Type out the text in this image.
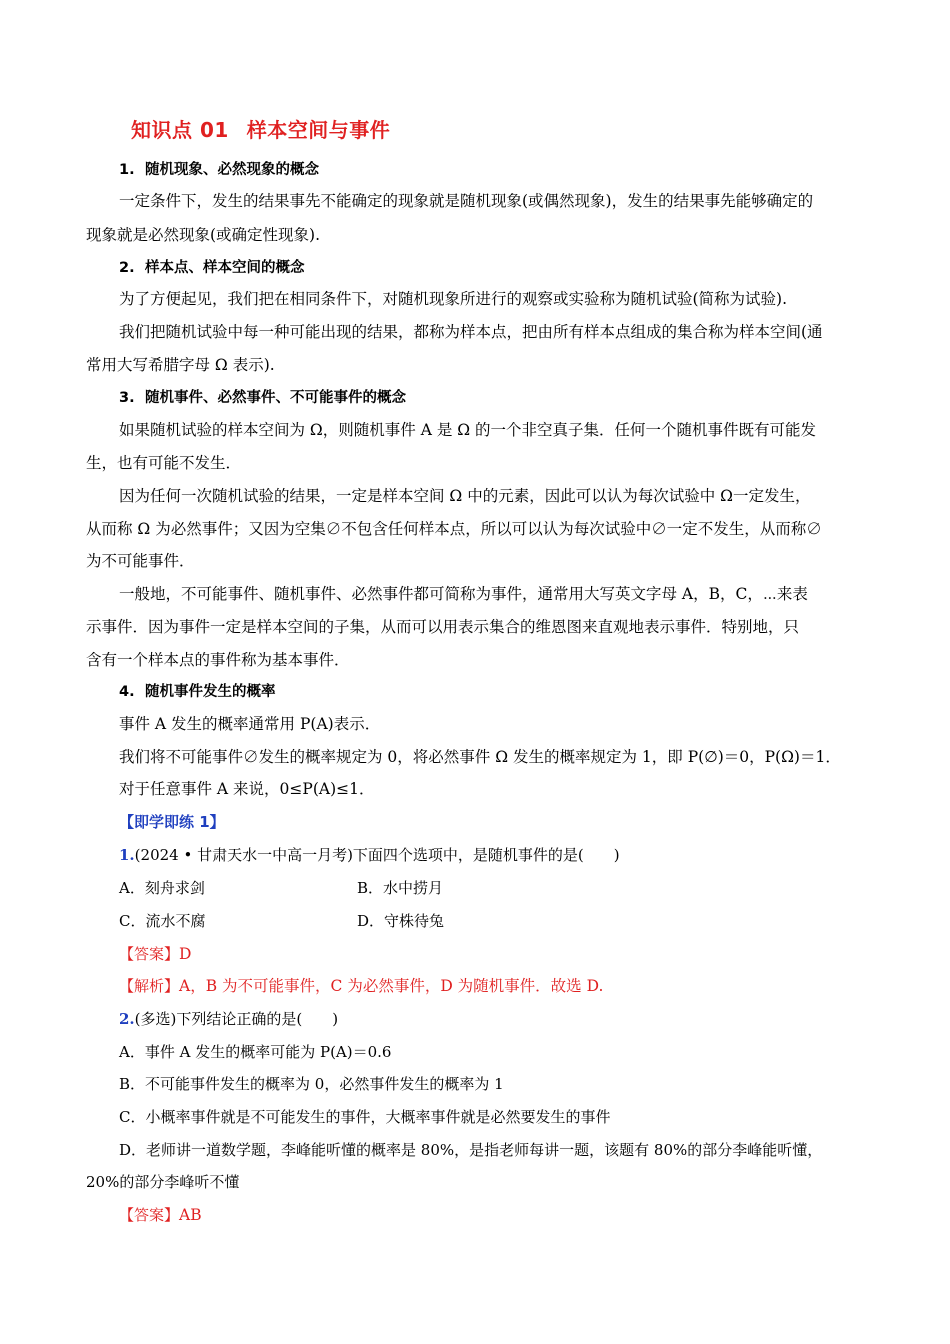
知识点 01 样本空间与事件
1. 随机现象、必然现象的概念
一定条件下，发生的结果事先不能确定的现象就是随机现象(或偶然现象)，发生的结果事先能够确定的
现象就是必然现象(或确定性现象).
2. 样本点、样本空间的概念
为了方便起见，我们把在相同条件下，对随机现象所进行的观察或实验称为随机试验(简称为试验).
我们把随机试验中每一种可能出现的结果，都称为样本点，把由所有样本点组成的集合称为样本空间(通
常用大写希腊字母 Ω 表示).
3. 随机事件、必然事件、不可能事件的概念
如果随机试验的样本空间为 Ω，则随机事件 A 是 Ω 的一个非空真子集．任何一个随机事件既有可能发
生，也有可能不发生．
因为任何一次随机试验的结果，一定是样本空间 Ω 中的元素，因此可以认为每次试验中 Ω一定发生，
从而称 Ω 为必然事件；又因为空集∅不包含任何样本点，所以可以认为每次试验中∅一定不发生，从而称∅
为不可能事件．
一般地，不可能事件、随机事件、必然事件都可简称为事件，通常用大写英文字母 A，B，C，⋯来表
示事件．因为事件一定是样本空间的子集，从而可以用表示集合的维恩图来直观地表示事件．特别地，只
含有一个样本点的事件称为基本事件．
4. 随机事件发生的概率
事件 A 发生的概率通常用 P(A)表示．
我们将不可能事件∅发生的概率规定为 0，将必然事件 Ω 发生的概率规定为 1，即 P(∅)＝0，P(Ω)＝1．
对于任意事件 A 来说，0≤P(A)≤1．
【即学即练 1】
1.(2024 • 甘肃天水一中高一月考)下面四个选项中，是随机事件的是(　　)
A．刻舟求剑	B．水中捞月
C．流水不腐	D．守株待兔
【答案】D
【解析】A，B 为不可能事件，C 为必然事件，D 为随机事件．故选 D.
2.(多选)下列结论正确的是(　　)
A．事件 A 发生的概率可能为 P(A)＝0.6
B．不可能事件发生的概率为 0，必然事件发生的概率为 1
C．小概率事件就是不可能发生的事件，大概率事件就是必然要发生的事件
D．老师讲一道数学题，李峰能听懂的概率是 80%，是指老师每讲一题，该题有 80%的部分李峰能听懂，
20%的部分李峰听不懂
【答案】AB
